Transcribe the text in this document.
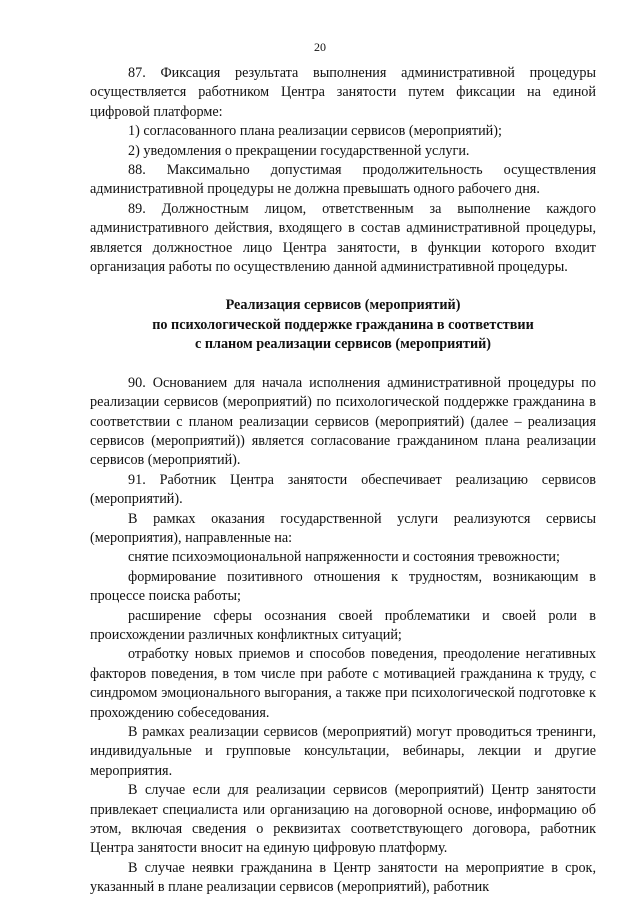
20

87. Фиксация результата выполнения административной процедуры осуществляется работником Центра занятости путем фиксации на единой цифровой платформе:

1) согласованного плана реализации сервисов (мероприятий);

2) уведомления о прекращении государственной услуги.

88. Максимально допустимая продолжительность осуществления административной процедуры не должна превышать одного рабочего дня.

89. Должностным лицом, ответственным за выполнение каждого административного действия, входящего в состав административной процедуры, является должностное лицо Центра занятости, в функции которого входит организация работы по осуществлению данной административной процедуры.

Реализация сервисов (мероприятий)
по психологической поддержке гражданина в соответствии
с планом реализации сервисов (мероприятий)

90. Основанием для начала исполнения административной процедуры по реализации сервисов (мероприятий) по психологической поддержке гражданина в соответствии с планом реализации сервисов (мероприятий) (далее – реализация сервисов (мероприятий)) является согласование гражданином плана реализации сервисов (мероприятий).

91. Работник Центра занятости обеспечивает реализацию сервисов (мероприятий).

В рамках оказания государственной услуги реализуются сервисы (мероприятия), направленные на:

снятие психоэмоциональной напряженности и состояния тревожности;

формирование позитивного отношения к трудностям, возникающим в процессе поиска работы;

расширение сферы осознания своей проблематики и своей роли в происхождении различных конфликтных ситуаций;

отработку новых приемов и способов поведения, преодоление негативных факторов поведения, в том числе при работе с мотивацией гражданина к труду, с синдромом эмоционального выгорания, а также при психологической подготовке к прохождению собеседования.

В рамках реализации сервисов (мероприятий) могут проводиться тренинги, индивидуальные и групповые консультации, вебинары, лекции и другие мероприятия.

В случае если для реализации сервисов (мероприятий) Центр занятости привлекает специалиста или организацию на договорной основе, информацию об этом, включая сведения о реквизитах соответствующего договора, работник Центра занятости вносит на единую цифровую платформу.

В случае неявки гражданина в Центр занятости на мероприятие в срок, указанный в плане реализации сервисов (мероприятий), работник
